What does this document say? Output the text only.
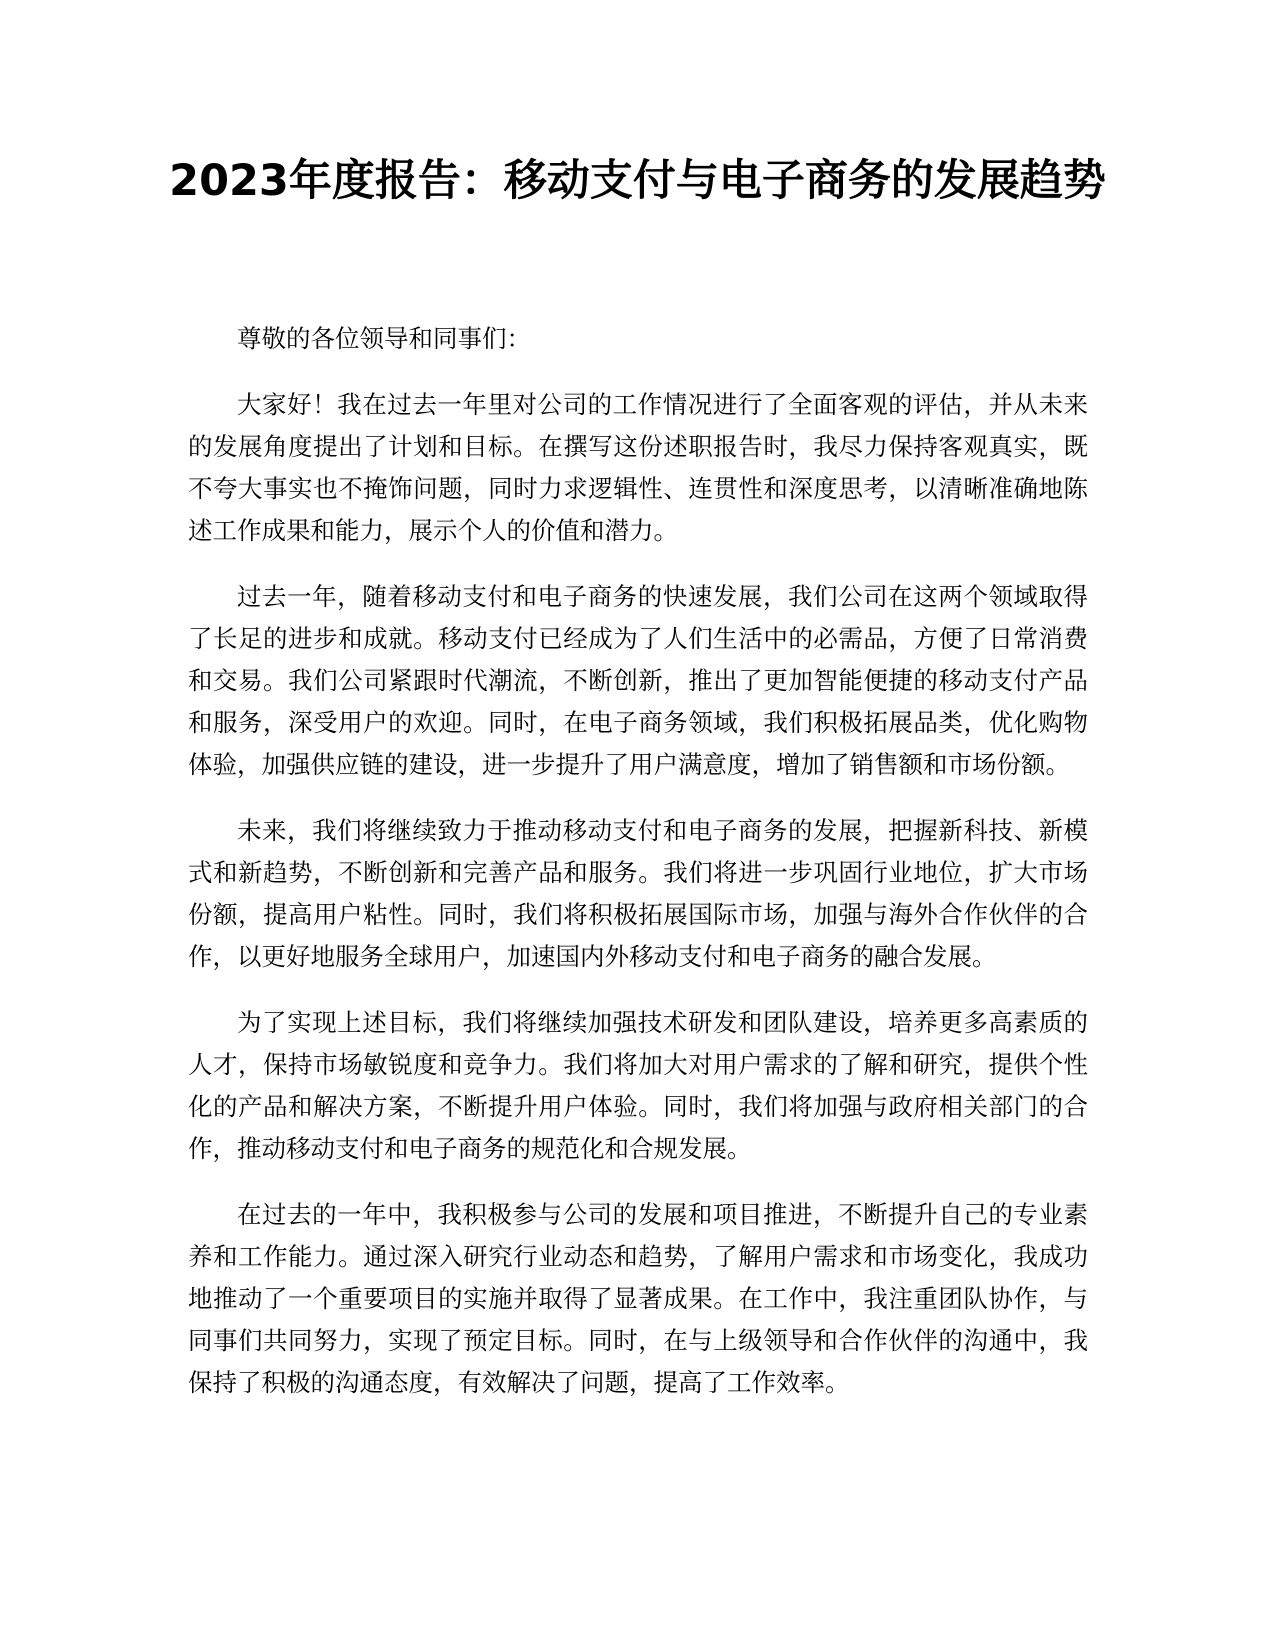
2023年度报告：移动支付与电子商务的发展趋势

尊敬的各位领导和同事们：

大家好！我在过去一年里对公司的工作情况进行了全面客观的评估，并从未来的发展角度提出了计划和目标。在撰写这份述职报告时，我尽力保持客观真实，既不夸大事实也不掩饰问题，同时力求逻辑性、连贯性和深度思考，以清晰准确地陈述工作成果和能力，展示个人的价值和潜力。

过去一年，随着移动支付和电子商务的快速发展，我们公司在这两个领域取得了长足的进步和成就。移动支付已经成为了人们生活中的必需品，方便了日常消费和交易。我们公司紧跟时代潮流，不断创新，推出了更加智能便捷的移动支付产品和服务，深受用户的欢迎。同时，在电子商务领域，我们积极拓展品类，优化购物体验，加强供应链的建设，进一步提升了用户满意度，增加了销售额和市场份额。

未来，我们将继续致力于推动移动支付和电子商务的发展，把握新科技、新模式和新趋势，不断创新和完善产品和服务。我们将进一步巩固行业地位，扩大市场份额，提高用户粘性。同时，我们将积极拓展国际市场，加强与海外合作伙伴的合作，以更好地服务全球用户，加速国内外移动支付和电子商务的融合发展。

为了实现上述目标，我们将继续加强技术研发和团队建设，培养更多高素质的人才，保持市场敏锐度和竞争力。我们将加大对用户需求的了解和研究，提供个性化的产品和解决方案，不断提升用户体验。同时，我们将加强与政府相关部门的合作，推动移动支付和电子商务的规范化和合规发展。

在过去的一年中，我积极参与公司的发展和项目推进，不断提升自己的专业素养和工作能力。通过深入研究行业动态和趋势，了解用户需求和市场变化，我成功地推动了一个重要项目的实施并取得了显著成果。在工作中，我注重团队协作，与同事们共同努力，实现了预定目标。同时，在与上级领导和合作伙伴的沟通中，我保持了积极的沟通态度，有效解决了问题，提高了工作效率。
